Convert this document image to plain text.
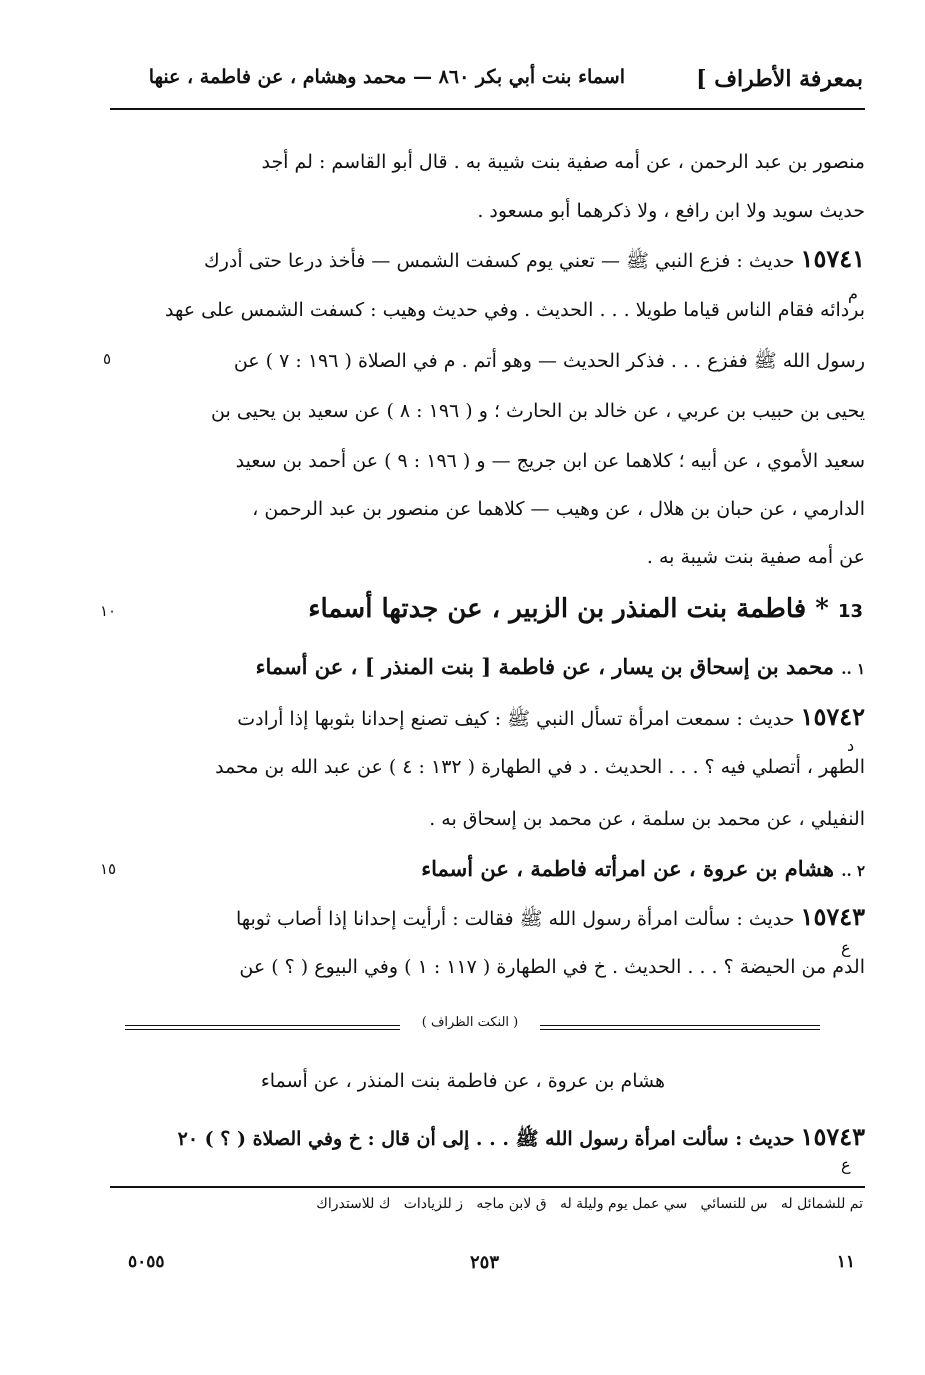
بمعرفة الأطراف ]
اسماء بنت أبي بكر ٨٦٠ — محمد وهشام ، عن فاطمة ، عنها
منصور بن عبد الرحمن ، عن أمه صفية بنت شيبة به . قال أبو القاسم : لم أجد
حديث سويد ولا ابن رافع ، ولا ذكرهما أبو مسعود .
١٥٧٤١ حديث : فزع النبي ﷺ — تعني يوم كسفت الشمس — فأخذ درعا حتى أدرك
بردائه فقام الناس قياما طويلا . . . الحديث . وفي حديث وهيب : كسفت الشمس على عهد
رسول الله ﷺ ففزع . . . فذكر الحديث — وهو أتم . م في الصلاة ( ١٩٦ : ٧ ) عن
يحيى بن حبيب بن عربي ، عن خالد بن الحارث ؛ و ( ١٩٦ : ٨ ) عن سعيد بن يحيى بن
سعيد الأموي ، عن أبيه ؛ كلاهما عن ابن جريج — و ( ١٩٦ : ٩ ) عن أحمد بن سعيد
الدارمي ، عن حبان بن هلال ، عن وهيب — كلاهما عن منصور بن عبد الرحمن ،
عن أمه صفية بنت شيبة به .
13 * فاطمة بنت المنذر بن الزبير ، عن جدتها أسماء
١ .. محمد بن إسحاق بن يسار ، عن فاطمة [ بنت المنذر ] ، عن أسماء
١٥٧٤٢ حديث : سمعت امرأة تسأل النبي ﷺ : كيف تصنع إحدانا بثوبها إذا أرادت
الطهر ، أتصلي فيه ؟ . . . الحديث . د في الطهارة ( ١٣٢ : ٤ ) عن عبد الله بن محمد
النفيلي ، عن محمد بن سلمة ، عن محمد بن إسحاق به .
٢ .. هشام بن عروة ، عن امرأته فاطمة ، عن أسماء
١٥٧٤٣ حديث : سألت امرأة رسول الله ﷺ فقالت : أرأيت إحدانا إذا أصاب ثوبها
الدم من الحيضة ؟ . . . الحديث . خ في الطهارة ( ١١٧ : ١ ) وفي البيوع ( ؟ ) عن
( النكت الظراف )
هشام بن عروة ، عن فاطمة بنت المنذر ، عن أسماء
١٥٧٤٣ حديث : سألت امرأة رسول الله ﷺ . . . إلى أن قال : خ وفي الصلاة ( ؟ ) ٢٠
تم للشمائل له   س للنسائي   سي عمل يوم وليلة له   ق لابن ماجه   ز للزيادات   ك للاستدراك
١١
٢٥٣
٥٠٥٥
٥
١٠
١٥
م
د
ع
ع
